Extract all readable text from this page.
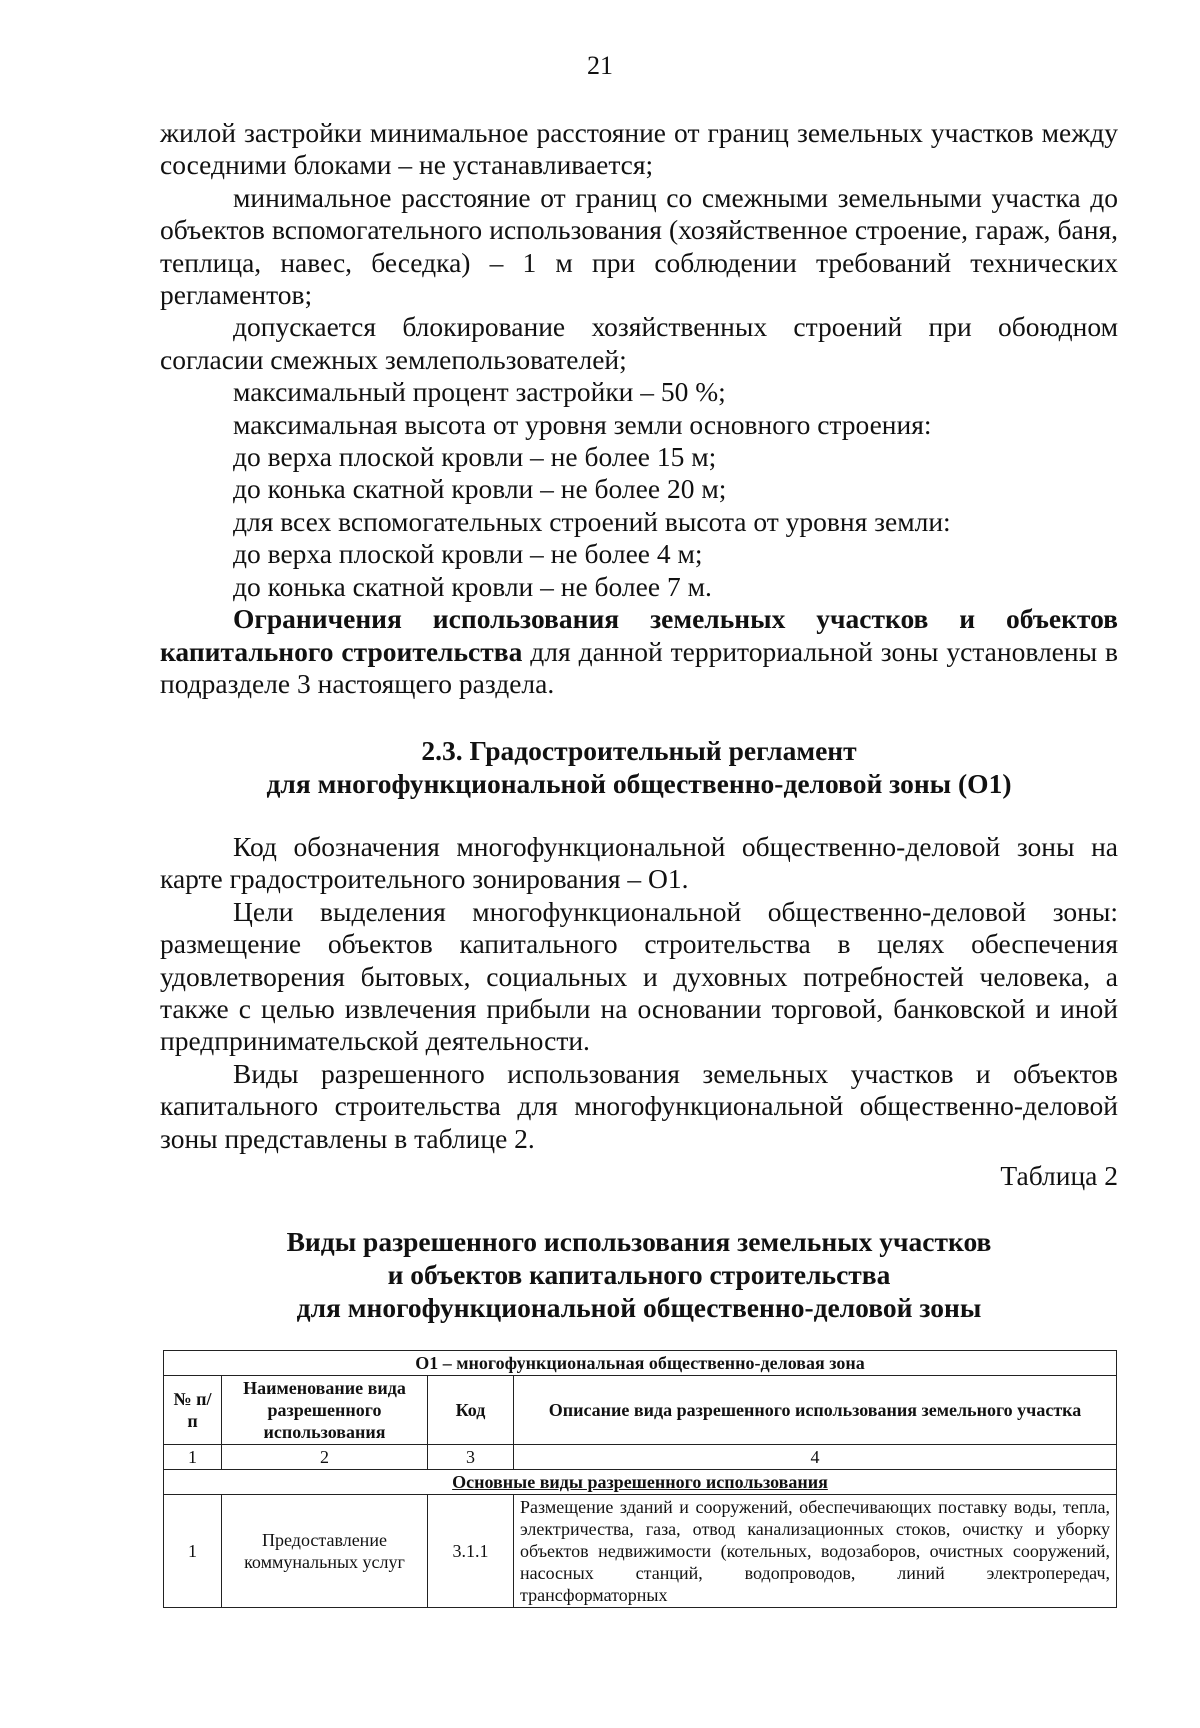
21

жилой застройки минимальное расстояние от границ земельных участков между соседними блоками – не устанавливается;

минимальное расстояние от границ со смежными земельными участка до объектов вспомогательного использования (хозяйственное строение, гараж, баня, теплица, навес, беседка) – 1 м при соблюдении требований технических регламентов;

допускается блокирование хозяйственных строений при обоюдном согласии смежных землепользователей;

максимальный процент застройки – 50 %;

максимальная высота от уровня земли основного строения:

до верха плоской кровли – не более 15 м;

до конька скатной кровли – не более 20 м;

для всех вспомогательных строений высота от уровня земли:

до верха плоской кровли – не более 4 м;

до конька скатной кровли – не более 7 м.

Ограничения использования земельных участков и объектов капитального строительства для данной территориальной зоны установлены в подразделе 3 настоящего раздела.

2.3. Градостроительный регламент
для многофункциональной общественно-деловой зоны (О1)

Код обозначения многофункциональной общественно-деловой зоны на карте градостроительного зонирования – О1.

Цели выделения многофункциональной общественно-деловой зоны: размещение объектов капитального строительства в целях обеспечения удовлетворения бытовых, социальных и духовных потребностей человека, а также с целью извлечения прибыли на основании торговой, банковской и иной предпринимательской деятельности.

Виды разрешенного использования земельных участков и объектов капитального строительства для многофункциональной общественно-деловой зоны представлены в таблице 2.

Таблица 2
Виды разрешенного использования земельных участков
и объектов капитального строительства
для многофункциональной общественно-деловой зоны
О1 – многофункциональная общественно-деловая зона			
№ п/п	Наименование вида разрешенного использования	Код	Описание вида разрешенного использования земельного участка
1	2	3	4
Основные виды разрешенного использования			
1	Предоставление коммунальных услуг	3.1.1	Размещение зданий и сооружений, обеспечивающих поставку воды, тепла, электричества, газа, отвод канализационных стоков, очистку и уборку объектов недвижимости (котельных, водозаборов, очистных сооружений, насосных станций, водопроводов, линий электропередач, трансформаторных
